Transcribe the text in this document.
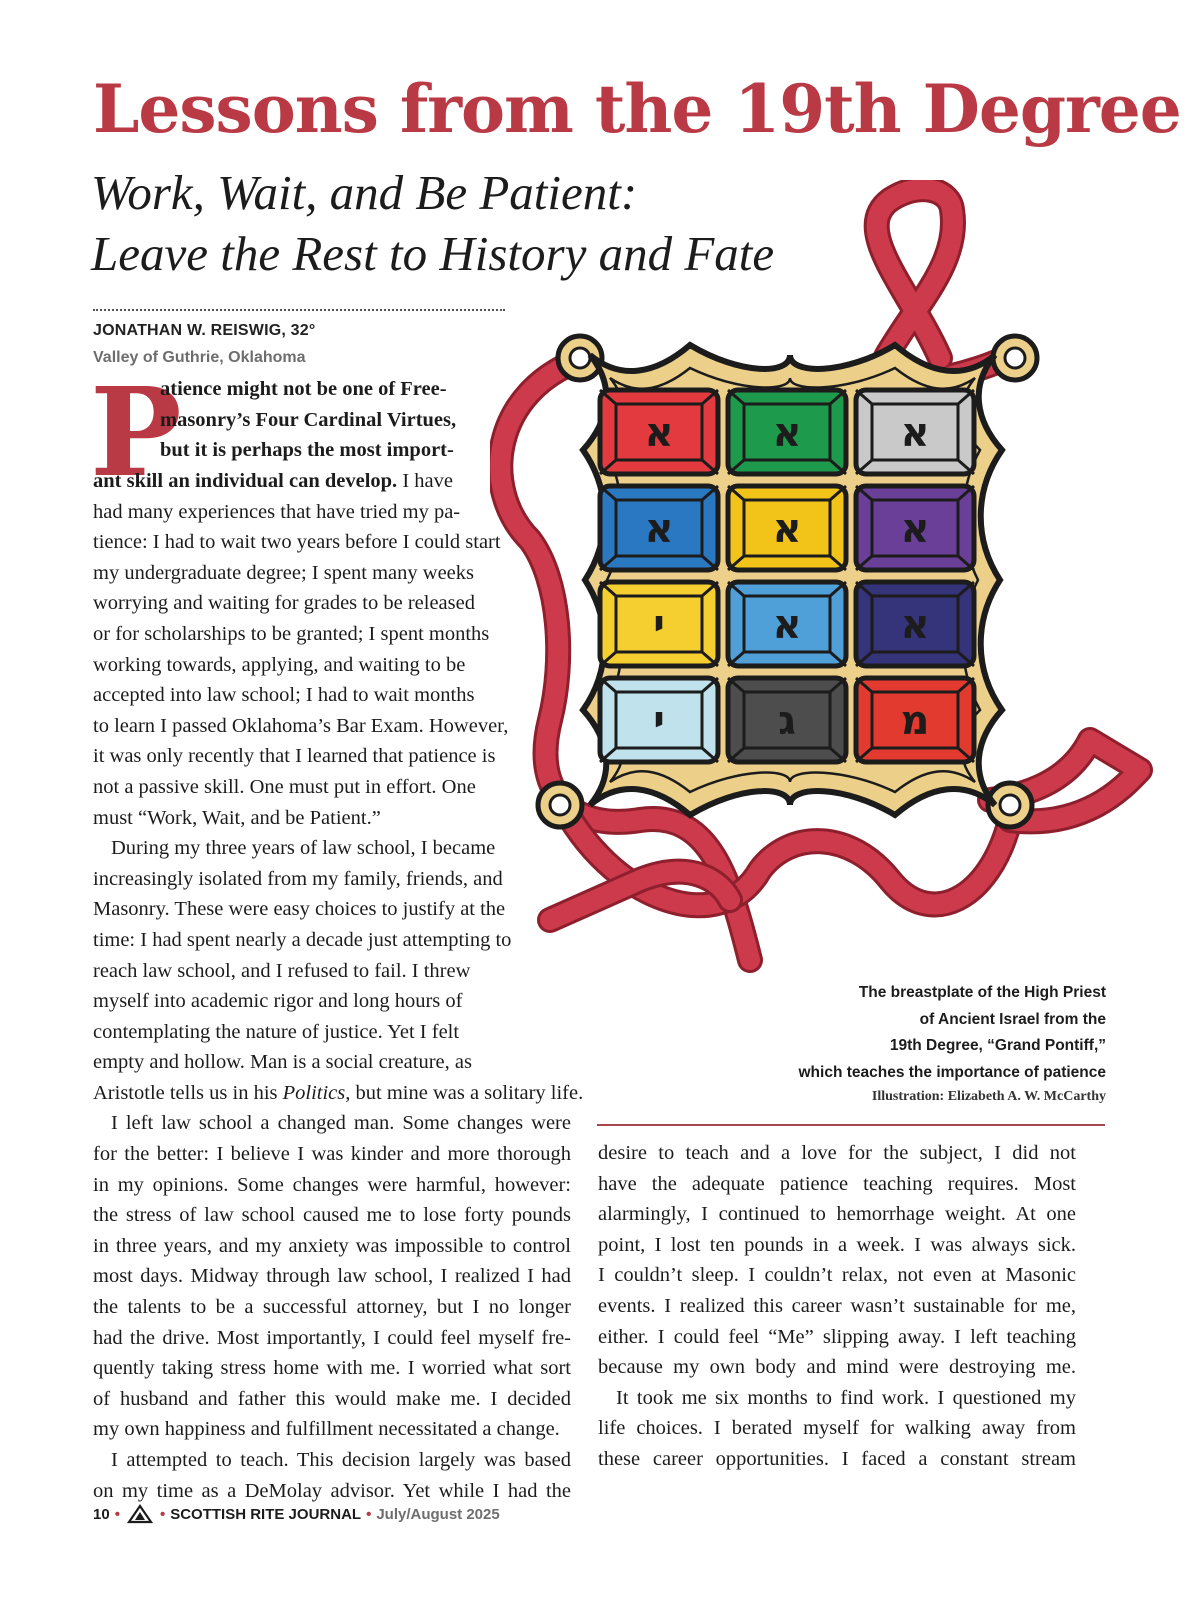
Lessons from the 19th Degree
Work, Wait, and Be Patient:
Leave the Rest to History and Fate
JONATHAN W. REISWIG, 32°
Valley of Guthrie, Oklahoma
א א א
א א א
י	א א
י	ג	מ
P
atience might not be one of Free-
masonry’s Four Cardinal Virtues,
but it is perhaps the most import-
ant skill an individual can develop. I have
had many experiences that have tried my pa-
tience: I had to wait two years before I could start
my undergraduate degree; I spent many weeks
worrying and waiting for grades to be released
or for scholarships to be granted; I spent months
working towards, applying, and waiting to be
accepted into law school; I had to wait months
to learn I passed Oklahoma’s Bar Exam. However,
it was only recently that I learned that patience is
not a passive skill. One must put in effort. One
must “Work, Wait, and be Patient.”
During my three years of law school, I became
increasingly isolated from my family, friends, and
Masonry. These were easy choices to justify at the
time: I had spent nearly a decade just attempting to
reach law school, and I refused to fail. I threw
myself into academic rigor and long hours of
contemplating the nature of justice. Yet I felt
empty and hollow. Man is a social creature, as
Aristotle tells us in his Politics, but mine was a solitary life.
I left law school a changed man. Some changes were
for the better: I believe I was kinder and more thorough
in my opinions. Some changes were harmful, however:
the stress of law school caused me to lose forty pounds
in three years, and my anxiety was impossible to control
most days. Midway through law school, I realized I had
the talents to be a successful attorney, but I no longer
had the drive. Most importantly, I could feel myself fre-
quently taking stress home with me. I worried what sort
of husband and father this would make me. I decided
my own happiness and fulfillment necessitated a change.
I attempted to teach. This decision largely was based
on my time as a DeMolay advisor. Yet while I had the
The breastplate of the High Priest
of Ancient Israel from the
19th Degree, “Grand Pontiff,”
which teaches the importance of patience
Illustration: Elizabeth A. W. McCarthy
desire to teach and a love for the subject, I did not
have the adequate patience teaching requires. Most
alarmingly, I continued to hemorrhage weight. At one
point, I lost ten pounds in a week. I was always sick.
I couldn’t sleep. I couldn’t relax, not even at Masonic
events. I realized this career wasn’t sustainable for me,
either. I could feel “Me” slipping away. I left teaching
because my own body and mind were destroying me.
It took me six months to find work. I questioned my
life choices. I berated myself for walking away from
these career opportunities. I faced a constant stream
10 •	• SCOTTISH RITE JOURNAL • July/August 2025
